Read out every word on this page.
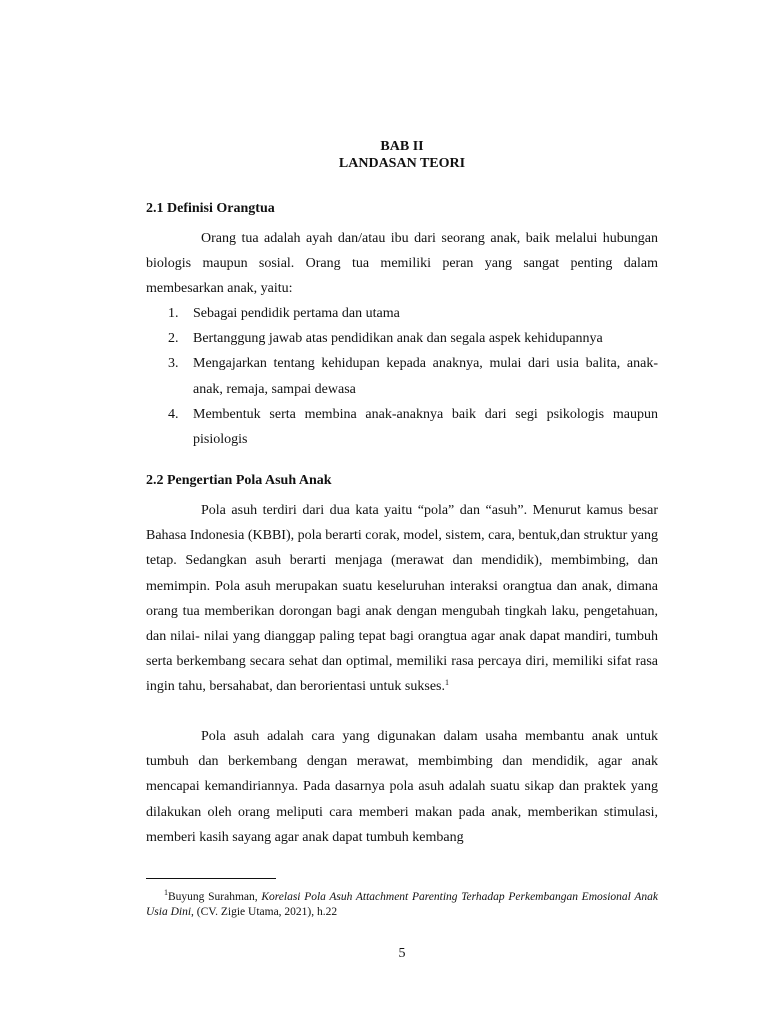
BAB II
LANDASAN TEORI
2.1 Definisi Orangtua

Orang tua adalah ayah dan/atau ibu dari seorang anak, baik melalui hubungan biologis maupun sosial. Orang tua memiliki peran yang sangat penting dalam membesarkan anak, yaitu:

1. Sebagai pendidik pertama dan utama
2. Bertanggung jawab atas pendidikan anak dan segala aspek kehidupannya
3. Mengajarkan tentang kehidupan kepada anaknya, mulai dari usia balita, anak-anak, remaja, sampai dewasa
4. Membentuk serta membina anak-anaknya baik dari segi psikologis maupun pisiologis
2.2 Pengertian Pola Asuh Anak

Pola asuh terdiri dari dua kata yaitu “pola” dan “asuh”. Menurut kamus besar Bahasa Indonesia (KBBI), pola berarti corak, model, sistem, cara, bentuk,dan struktur yang tetap. Sedangkan asuh berarti menjaga (merawat dan mendidik), membimbing, dan memimpin. Pola asuh merupakan suatu keseluruhan interaksi orangtua dan anak, dimana orang tua memberikan dorongan bagi anak dengan mengubah tingkah laku, pengetahuan, dan nilai- nilai yang dianggap paling tepat bagi orangtua agar anak dapat mandiri, tumbuh serta berkembang secara sehat dan optimal, memiliki rasa percaya diri, memiliki sifat rasa ingin tahu, bersahabat, dan berorientasi untuk sukses.$^1$

Pola asuh adalah cara yang digunakan dalam usaha membantu anak untuk tumbuh dan berkembang dengan merawat, membimbing dan mendidik, agar anak mencapai kemandiriannya. Pada dasarnya pola asuh adalah suatu sikap dan praktek yang dilakukan oleh orang meliputi cara memberi makan pada anak, memberikan stimulasi, memberi kasih sayang agar anak dapat tumbuh kembang

$^1$Buyung Surahman, Korelasi Pola Asuh Attachment Parenting Terhadap Perkembangan Emosional Anak Usia Dini, (CV. Zigie Utama, 2021), h.22

5
